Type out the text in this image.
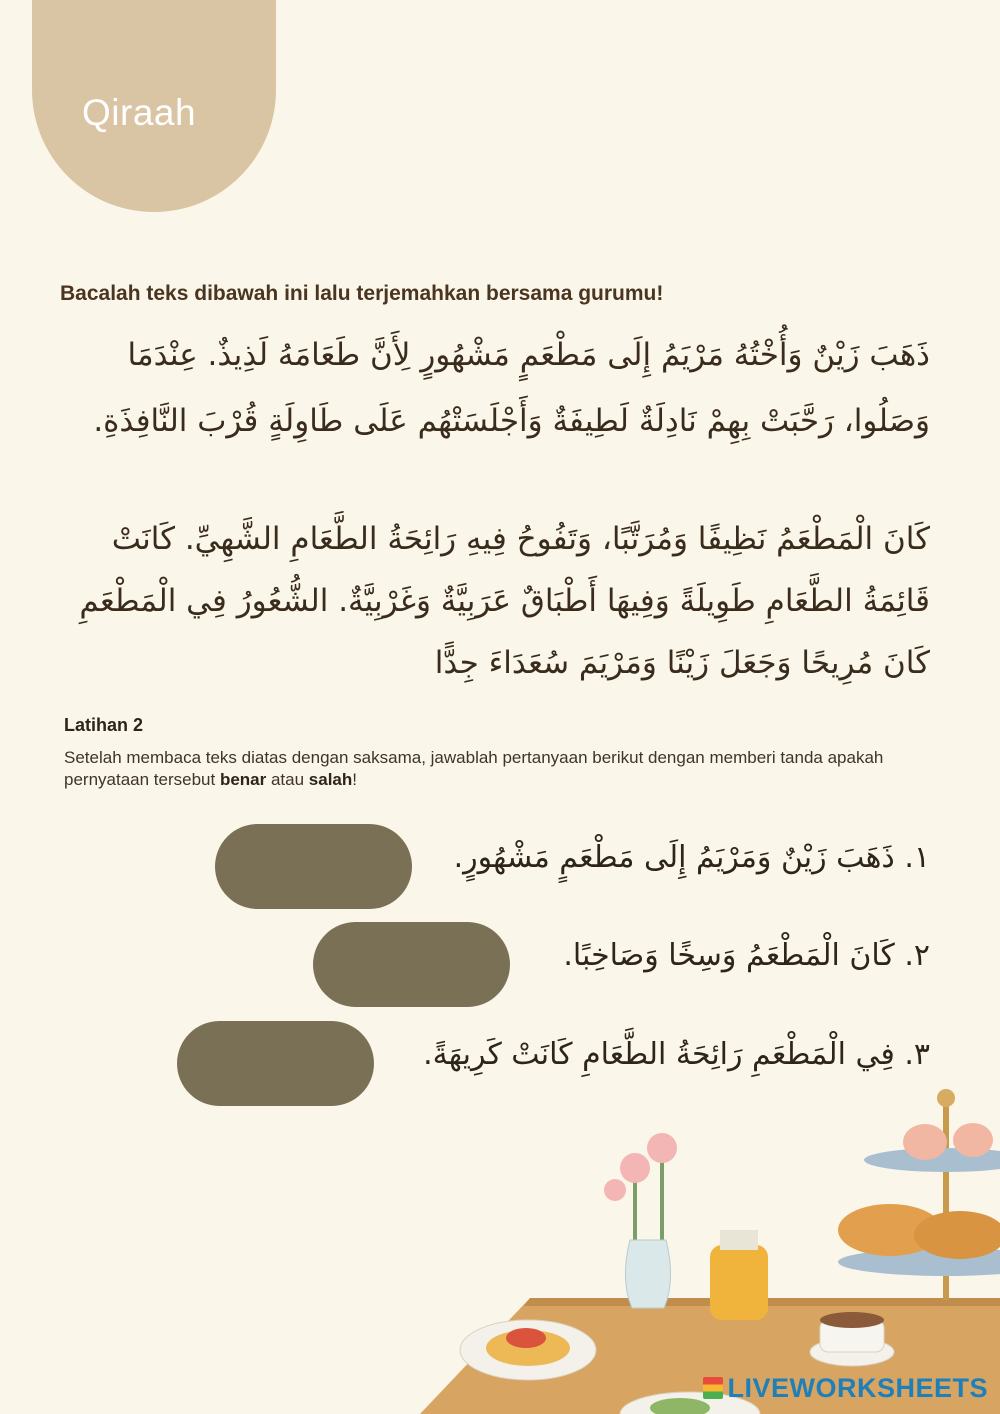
Qiraah
Bacalah teks dibawah ini lalu terjemahkan bersama gurumu!
ذَهَبَ زَيْنٌ وَأُخْتُهُ مَرْيَمُ إِلَى مَطْعَمٍ مَشْهُورٍ لِأَنَّ طَعَامَهُ لَذِيذٌ. عِنْدَمَا وَصَلُوا، رَحَّبَتْ بِهِمْ نَادِلَةٌ لَطِيفَةٌ وَأَجْلَسَتْهُم عَلَى طَاوِلَةٍ قُرْبَ النَّافِذَةِ.
كَانَ الْمَطْعَمُ نَظِيفًا وَمُرَتَّبًا، وَتَفُوحُ فِيهِ رَائِحَةُ الطَّعَامِ الشَّهِيِّ. كَانَتْ قَائِمَةُ الطَّعَامِ طَوِيلَةً وَفِيهَا أَطْبَاقٌ عَرَبِيَّةٌ وَغَرْبِيَّةٌ. الشُّعُورُ فِي الْمَطْعَمِ كَانَ مُرِيحًا وَجَعَلَ زَيْنًا وَمَرْيَمَ سُعَدَاءَ جِدًّا
Latihan 2
Setelah membaca teks diatas dengan saksama, jawablah pertanyaan berikut dengan memberi tanda apakah pernyataan tersebut benar atau salah!
١. ذَهَبَ زَيْنٌ وَمَرْيَمُ إِلَى مَطْعَمٍ مَشْهُورٍ.
٢. كَانَ الْمَطْعَمُ وَسِخًا وَصَاخِبًا.
٣. فِي الْمَطْعَمِ رَائِحَةُ الطَّعَامِ كَانَتْ كَرِيهَةً.
LIVEWORKSHEETS
